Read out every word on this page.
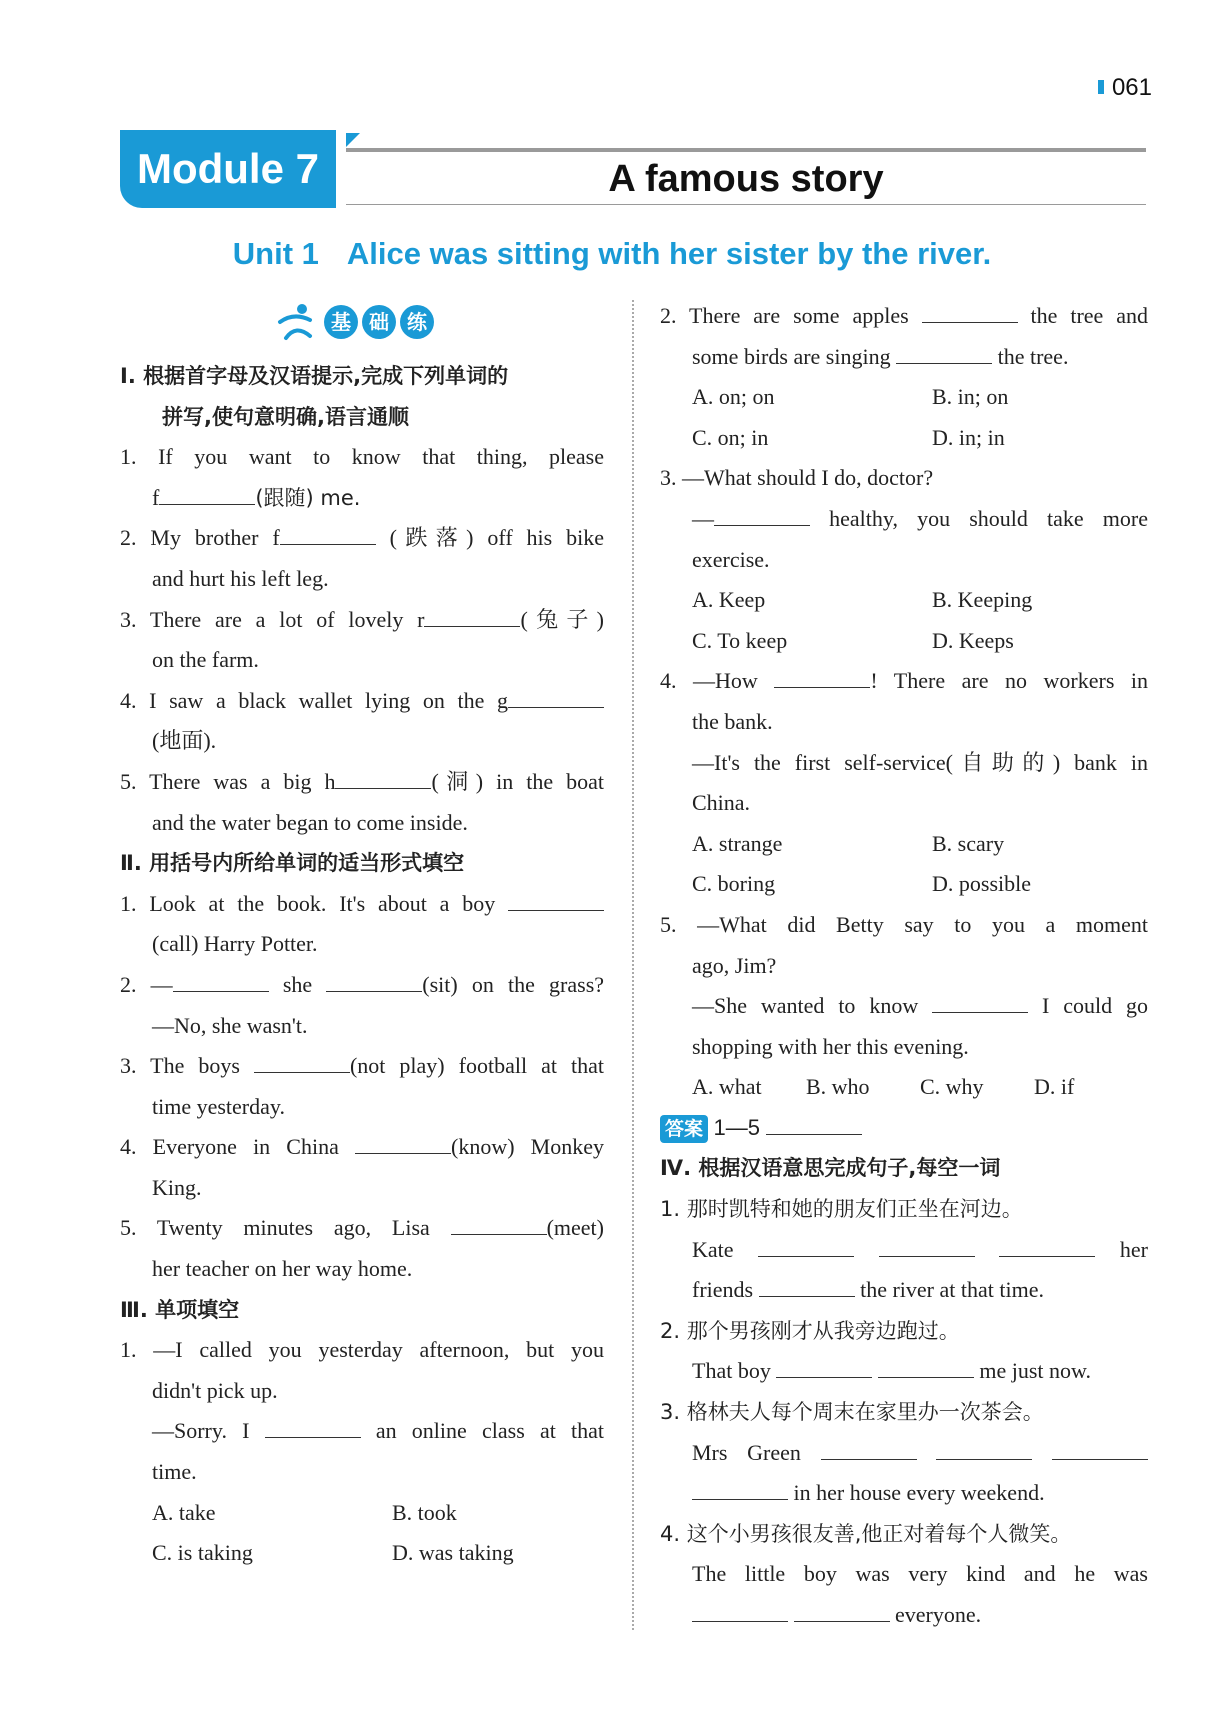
061
Module 7	A famous story
Unit 1 Alice was sitting with her sister by the river.
基 础 练
Ⅰ. 根据首字母及汉语提示,完成下列单词的
拼写,使句意明确,语言通顺
1. If you want to know that thing, please
f	(跟随) me.
2. My brother f	(跌落) off his bike
and hurt his left leg.
3. There are a lot of lovely r	(兔子)
on the farm.
4. I saw a black wallet lying on the g
(地面).
5. There was a big h	(洞) in the boat
and the water began to come inside.
Ⅱ. 用括号内所给单词的适当形式填空
1. Look at the book. It's about a boy
(call) Harry Potter.
2. —	she	(sit) on the grass?
—No, she wasn't.
3. The boys	(not play) football at that
time yesterday.
4. Everyone in China	(know) Monkey
King.
5. Twenty minutes ago, Lisa	(meet)
her teacher on her way home.
Ⅲ. 单项填空
1. —I called you yesterday afternoon, but you
didn't pick up.
—Sorry. I	an online class at that
time.
A. take	B. took
C. is taking	D. was taking
2. There are some apples	the tree and
some birds are singing	the tree.
A. on; on	B. in; on
C. on; in	D. in; in
3. —What should I do, doctor?
—	healthy, you should take more
exercise.
A. Keep	B. Keeping
C. To keep	D. Keeps
4. —How	! There are no workers in
the bank.
—It's the first self-service(自助的) bank in
China.
A. strange	B. scary
C. boring	D. possible
5. —What did Betty say to you a moment
ago, Jim?
—She wanted to know	I could go
shopping with her this evening.
A. what	B. who	C. why	D. if
答案 1—5
Ⅳ. 根据汉语意思完成句子,每空一词
1. 那时凯特和她的朋友们正坐在河边。
Kate	her
friends	the river at that time.
2. 那个男孩刚才从我旁边跑过。
That boy	me just now.
3. 格林夫人每个周末在家里办一次茶会。
Mrs Green
in her house every weekend.
4. 这个小男孩很友善,他正对着每个人微笑。
The little boy was very kind and he was
everyone.
